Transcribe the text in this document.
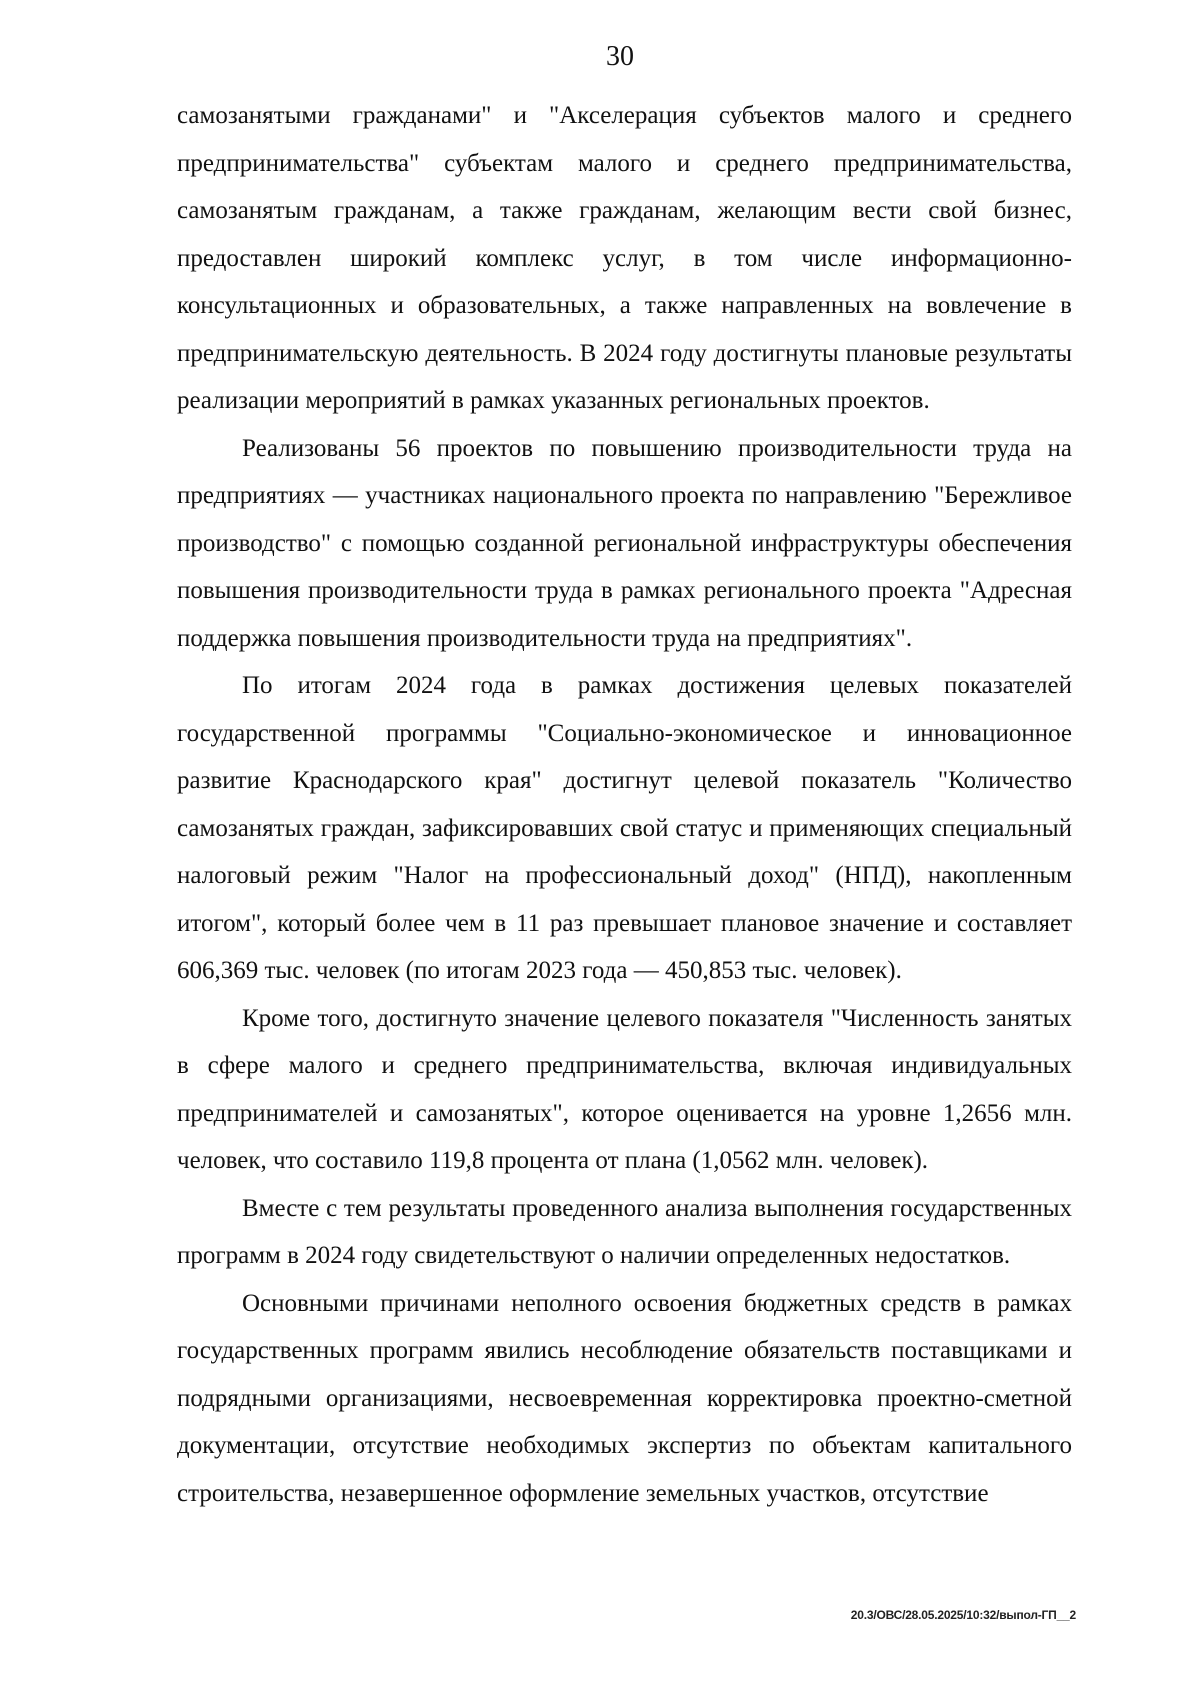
30

самозанятыми гражданами" и "Акселерация субъектов малого и среднего предпринимательства" субъектам малого и среднего предпринимательства, самозанятым гражданам, а также гражданам, желающим вести свой бизнес, предоставлен широкий комплекс услуг, в том числе информационно-консультационных и образовательных, а также направленных на вовлечение в предпринимательскую деятельность. В 2024 году достигнуты плановые результаты реализации мероприятий в рамках указанных региональных проектов.

Реализованы 56 проектов по повышению производительности труда на предприятиях — участниках национального проекта по направлению "Бережливое производство" с помощью созданной региональной инфраструктуры обеспечения повышения производительности труда в рамках регионального проекта "Адресная поддержка повышения производительности труда на предприятиях".

По итогам 2024 года в рамках достижения целевых показателей государственной программы "Социально-экономическое и инновационное развитие Краснодарского края" достигнут целевой показатель "Количество самозанятых граждан, зафиксировавших свой статус и применяющих специальный налоговый режим "Налог на профессиональный доход" (НПД), накопленным итогом", который более чем в 11 раз превышает плановое значение и составляет 606,369 тыс. человек (по итогам 2023 года — 450,853 тыс. человек).

Кроме того, достигнуто значение целевого показателя "Численность занятых в сфере малого и среднего предпринимательства, включая индивидуальных предпринимателей и самозанятых", которое оценивается на уровне 1,2656 млн. человек, что составило 119,8 процента от плана (1,0562 млн. человек).

Вместе с тем результаты проведенного анализа выполнения государственных программ в 2024 году свидетельствуют о наличии определенных недостатков.

Основными причинами неполного освоения бюджетных средств в рамках государственных программ явились несоблюдение обязательств поставщиками и подрядными организациями, несвоевременная корректировка проектно-сметной документации, отсутствие необходимых экспертиз по объектам капитального строительства, незавершенное оформление земельных участков, отсутствие

20.3/ОВС/28.05.2025/10:32/выпол-ГП__2
